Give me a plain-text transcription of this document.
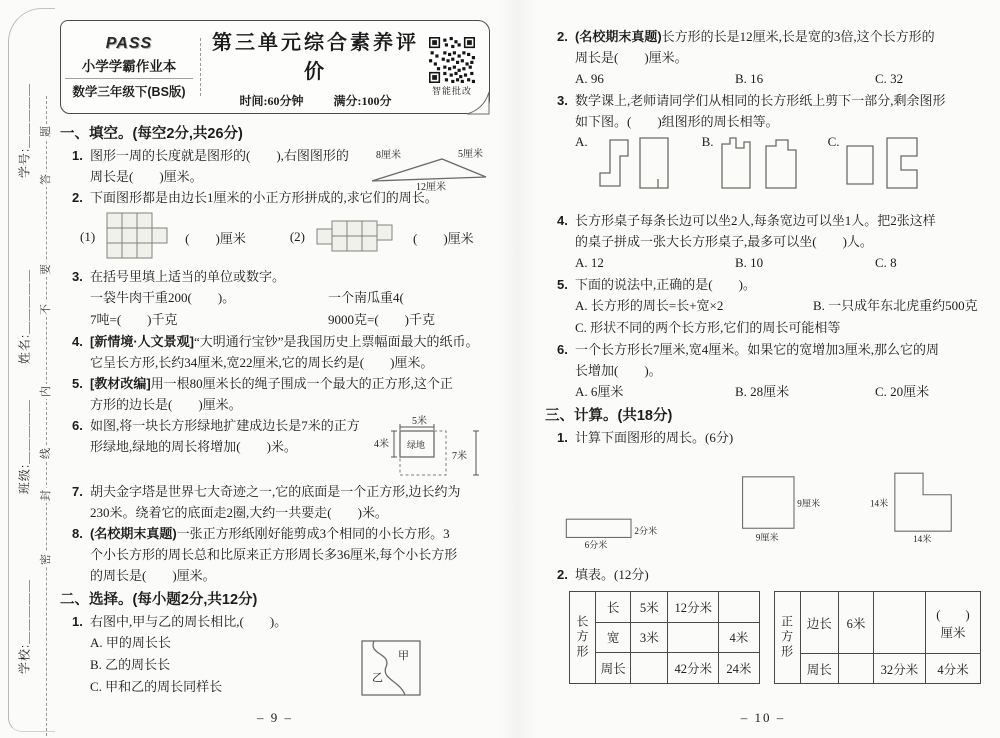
题
答
要
不
内
线
封
密
学号:＿＿＿＿＿
姓名:＿＿＿＿＿
班级:＿＿＿＿＿
学校:＿＿＿＿＿
PASS
小学学霸作业本
数学三年级下(BS版)
第三单元综合素养评价
时间:60分钟	满分:100分
智能批改
一、填空。(每空2分,共26分)
1. 图形一周的长度就是图形的(　　),右图图形的
周长是(　　)厘米。
8厘米	5厘米
12厘米
2. 下面图形都是由边长1厘米的小正方形拼成的,求它们的周长。
(1)	(　　)厘米	(2)	(　　)厘米
3. 在括号里填上适当的单位或数字。
一袋牛肉干重200(　　)。	一个南瓜重4(
7吨=(　　)千克	9000克=(　　)千克
4. [新情境·人文景观]“大明通行宝钞”是我国历史上票幅面最大的纸币。
它呈长方形,长约34厘米,宽22厘米,它的周长约是(　　)厘米。
5. [教材改编]用一根80厘米长的绳子围成一个最大的正方形,这个正
方形的边长是(　　)厘米。
6. 如图,将一块长方形绿地扩建成边长是7米的正方
形绿地,绿地的周长将增加(　　)米。
5米
绿地
4米
7米
7. 胡夫金字塔是世界七大奇迹之一,它的底面是一个正方形,边长约为
230米。绕着它的底面走2圈,大约一共要走(　　)米。
8. (名校期末真题)一张正方形纸刚好能剪成3个相同的小长方形。3
个小长方形的周长总和比原来正方形周长多36厘米,每个小长方形
的周长是(　　)厘米。
二、选择。(每小题2分,共12分)
1. 右图中,甲与乙的周长相比,(　　)。
A. 甲的周长长
B. 乙的周长长
C. 甲和乙的周长同样长
甲
乙
– 9 –
2. (名校期末真题)长方形的长是12厘米,长是宽的3倍,这个长方形的
周长是(　　)厘米。
A. 96	B. 16	C. 32
3. 数学课上,老师请同学们从相同的长方形纸上剪下一部分,剩余图形
如下图。(　　)组图形的周长相等。
A.	B.	C.
4. 长方形桌子每条长边可以坐2人,每条宽边可以坐1人。把2张这样
的桌子拼成一张大长方形桌子,最多可以坐(　　)人。
A. 12	B. 10	C. 8
5. 下面的说法中,正确的是(　　)。
A. 长方形的周长=长+宽×2	B. 一只成年东北虎重约500克
C. 形状不同的两个长方形,它们的周长可能相等
6. 一个长方形长7厘米,宽4厘米。如果它的宽增加3厘米,那么它的周
长增加(　　)。
A. 6厘米	B. 28厘米	C. 20厘米
三、计算。(共18分)
1. 计算下面图形的周长。(6分)
2分米
6分米
9厘米
9厘米
14米
14米
2. 填表。(12分)
长方形	长	5米	12分米	
	宽	3米		4米
	周长		42分米	24米
正方形	边长	6米		(　　)
厘米

	周长		32分米	4分米
– 10 –
